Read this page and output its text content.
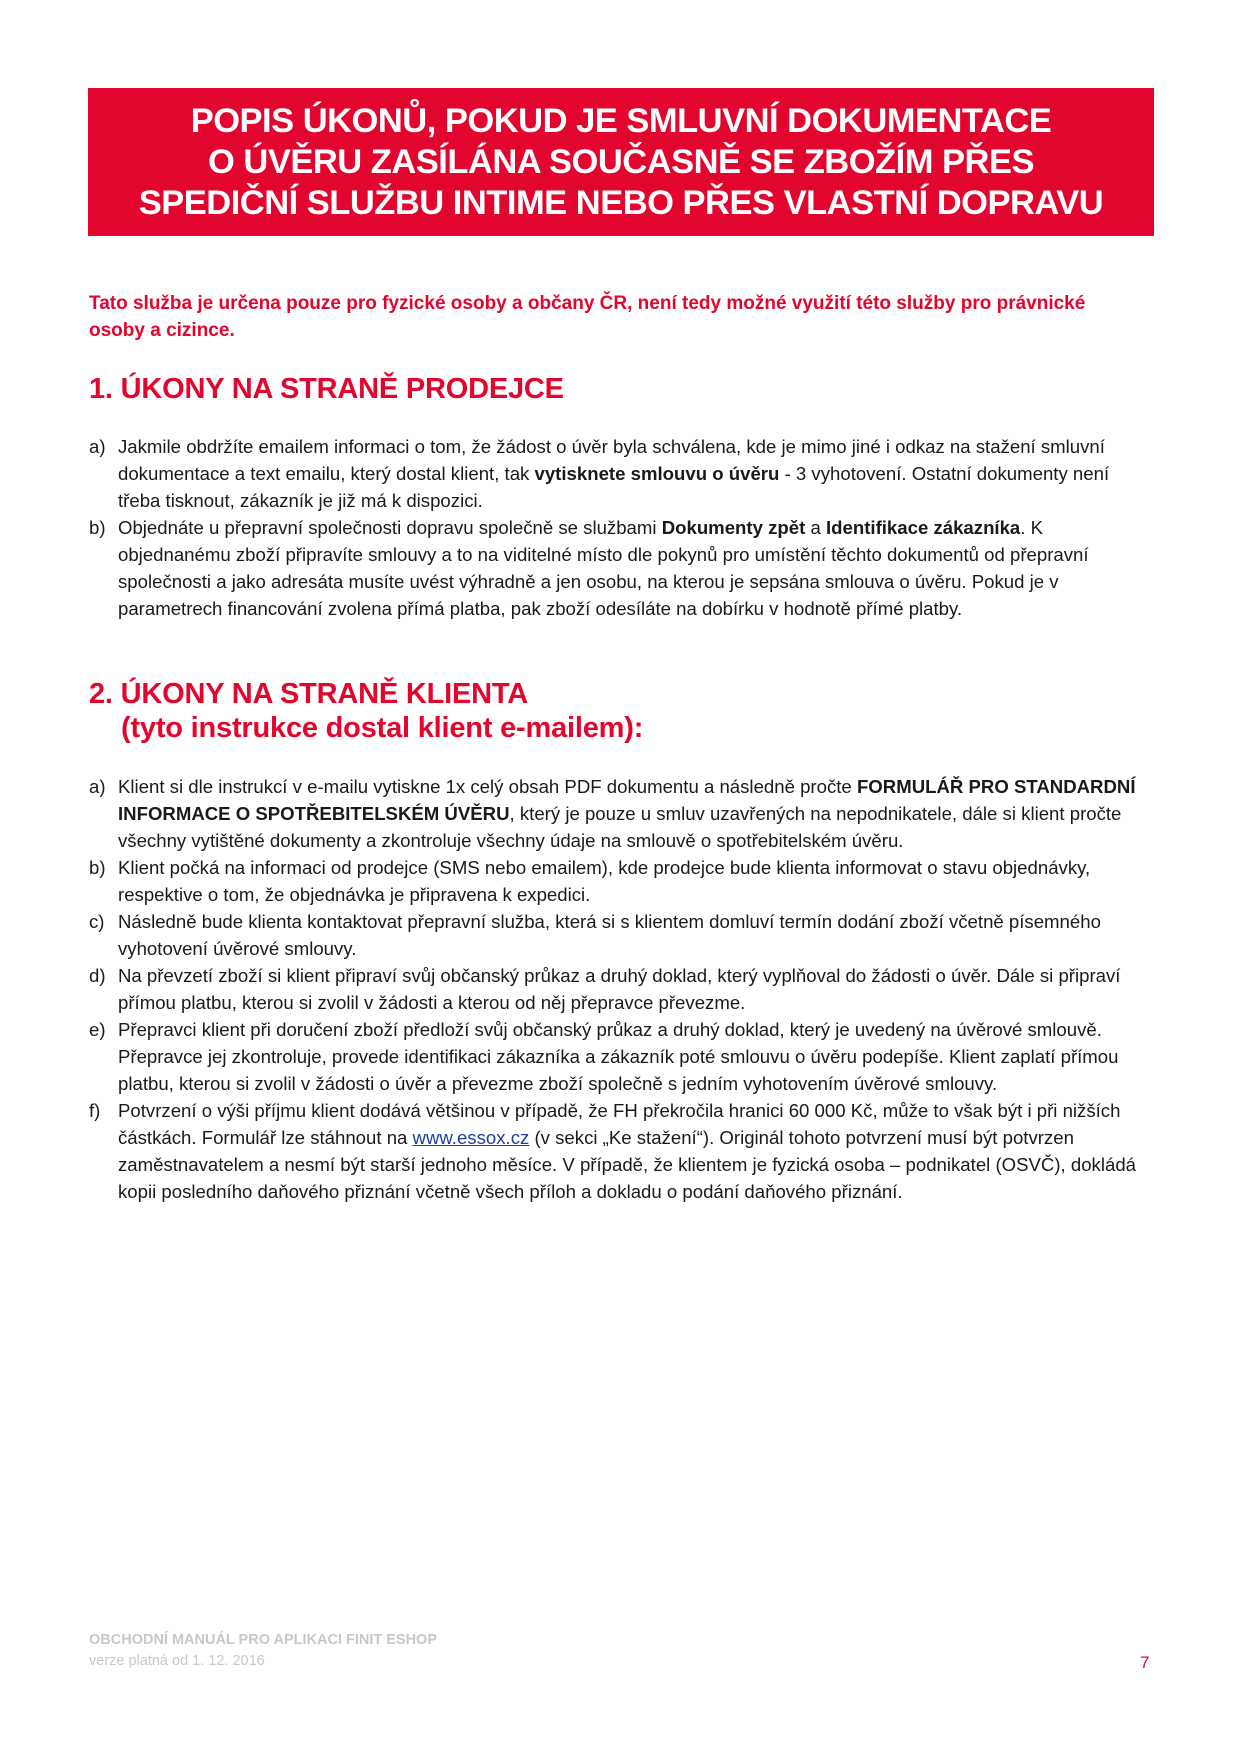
POPIS ÚKONŮ, POKUD JE SMLUVNÍ DOKUMENTACE
O ÚVĚRU ZASÍLÁNA SOUČASNĚ SE ZBOŽÍM PŘES
SPEDIČNÍ SLUŽBU INTIME NEBO PŘES VLASTNÍ DOPRAVU

Tato služba je určena pouze pro fyzické osoby a občany ČR, není tedy možné využití této služby pro právnické osoby a cizince.

1. ÚKONY NA STRANĚ PRODEJCE
a) Jakmile obdržíte emailem informaci o tom, že žádost o úvěr byla schválena, kde je mimo jiné i odkaz na stažení smluvní dokumentace a text emailu, který dostal klient, tak vytisknete smlouvu o úvěru - 3 vyhotovení. Ostatní dokumenty není třeba tisknout, zákazník je již má k dispozici.
b) Objednáte u přepravní společnosti dopravu společně se službami Dokumenty zpět a Identifikace zákazníka. K objednanému zboží připravíte smlouvy a to na viditelné místo dle pokynů pro umístění těchto dokumentů od přepravní společnosti a jako adresáta musíte uvést výhradně a jen osobu, na kterou je sepsána smlouva o úvěru. Pokud je v parametrech financování zvolena přímá platba, pak zboží odesíláte na dobírku v hodnotě přímé platby.
2. ÚKONY NA STRANĚ KLIENTA
(tyto instrukce dostal klient e-mailem):
a) Klient si dle instrukcí v e-mailu vytiskne 1x celý obsah PDF dokumentu a následně pročte FORMULÁŘ PRO STANDARDNÍ INFORMACE O SPOTŘEBITELSKÉM ÚVĚRU, který je pouze u smluv uzavřených na nepodnikatele, dále si klient pročte všechny vytištěné dokumenty a zkontroluje všechny údaje na smlouvě o spotřebitelském úvěru.
b) Klient počká na informaci od prodejce (SMS nebo emailem), kde prodejce bude klienta informovat o stavu objednávky, respektive o tom, že objednávka je připravena k expedici.
c) Následně bude klienta kontaktovat přepravní služba, která si s klientem domluví termín dodání zboží včetně písemného vyhotovení úvěrové smlouvy.
d) Na převzetí zboží si klient připraví svůj občanský průkaz a druhý doklad, který vyplňoval do žádosti o úvěr. Dále si připraví přímou platbu, kterou si zvolil v žádosti a kterou od něj přepravce převezme.
e) Přepravci klient při doručení zboží předloží svůj občanský průkaz a druhý doklad, který je uvedený na úvěrové smlouvě. Přepravce jej zkontroluje, provede identifikaci zákazníka a zákazník poté smlouvu o úvěru podepíše. Klient zaplatí přímou platbu, kterou si zvolil v žádosti o úvěr a převezme zboží společně s jedním vyhotovením úvěrové smlouvy.
f) Potvrzení o výši příjmu klient dodává většinou v případě, že FH překročila hranici 60 000 Kč, může to však být i při nižších částkách. Formulář lze stáhnout na www.essox.cz (v sekci „Ke stažení“). Originál tohoto potvrzení musí být potvrzen zaměstnavatelem a nesmí být starší jednoho měsíce. V případě, že klientem je fyzická osoba – podnikatel (OSVČ), dokládá kopii posledního daňového přiznání včetně všech příloh a dokladu o podání daňového přiznání.
OBCHODNÍ MANUÁL PRO APLIKACI FINIT ESHOP
verze platná od 1. 12. 2016	7
